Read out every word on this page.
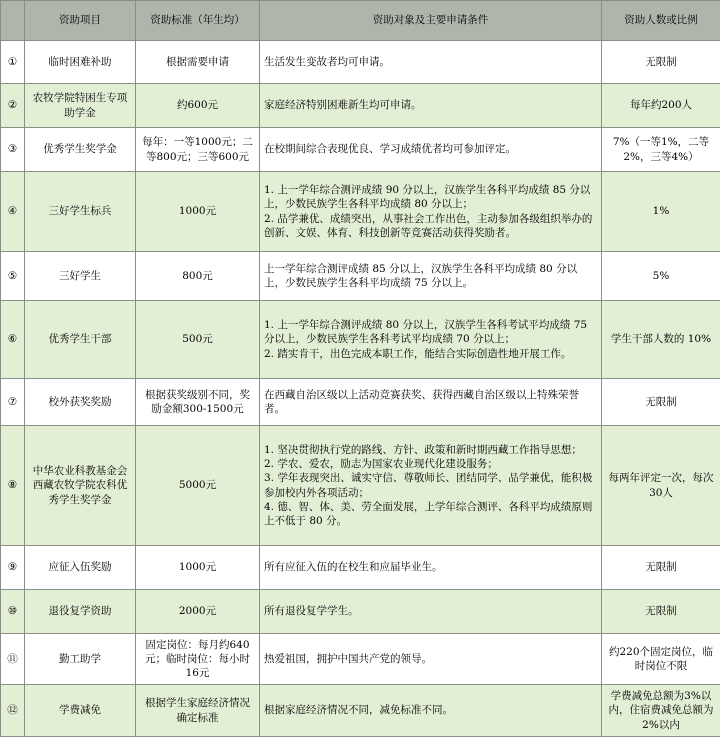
	资助项目	资助标准（年生均）	资助对象及主要申请条件	资助人数或比例
①	临时困难补助	根据需要申请	生活发生变故者均可申请。	无限制
②	农牧学院特困生专项助学金	约600元	家庭经济特别困难新生均可申请。	每年约200人
③	优秀学生奖学金	每年：一等1000元；二等800元；三等600元	在校期间综合表现优良、学习成绩优者均可参加评定。	7%（一等1%，二等2%，三等4%）
④	三好学生标兵	1000元	1. 上一学年综合测评成绩 90 分以上，汉族学生各科平均成绩 85 分以上，少数民族学生各科平均成绩 80 分以上；
2. 品学兼优、成绩突出，从事社会工作出色，主动参加各级组织举办的创新、文娱、体育、科技创新等竞赛活动获得奖励者。	1%
⑤	三好学生	800元	上一学年综合测评成绩 85 分以上，汉族学生各科平均成绩 80 分以上，少数民族学生各科平均成绩 75 分以上。	5%
⑥	优秀学生干部	500元	1. 上一学年综合测评成绩 80 分以上，汉族学生各科考试平均成绩 75 分以上，少数民族学生各科考试平均成绩 70 分以上；
2. 踏实肯干，出色完成本职工作，能结合实际创造性地开展工作。	学生干部人数的 10%
⑦	校外获奖奖励	根据获奖级别不同，奖励金额300-1500元	在西藏自治区级以上活动竞赛获奖、获得西藏自治区级以上特殊荣誉者。	无限制
⑧	中华农业科教基金会西藏农牧学院农科优秀学生奖学金	5000元	1. 坚决贯彻执行党的路线、方针、政策和新时期西藏工作指导思想；
2. 学农、爱农，励志为国家农业现代化建设服务；
3. 学年表现突出、诚实守信、尊敬师长、团结同学、品学兼优，能积极参加校内外各项活动；
4. 德、智、体、美、劳全面发展，上学年综合测评、各科平均成绩原则上不低于 80 分。	每两年评定一次，每次30人
⑨	应征入伍奖励	1000元	所有应征入伍的在校生和应届毕业生。	无限制
⑩	退役复学资助	2000元	所有退役复学学生。	无限制
⑪	勤工助学	固定岗位：每月约640元；临时岗位：每小时16元	热爱祖国，拥护中国共产党的领导。	约220个固定岗位，临时岗位不限
⑫	学费减免	根据学生家庭经济情况确定标准	根据家庭经济情况不同，减免标准不同。	学费减免总额为3%以内，住宿费减免总额为2%以内
